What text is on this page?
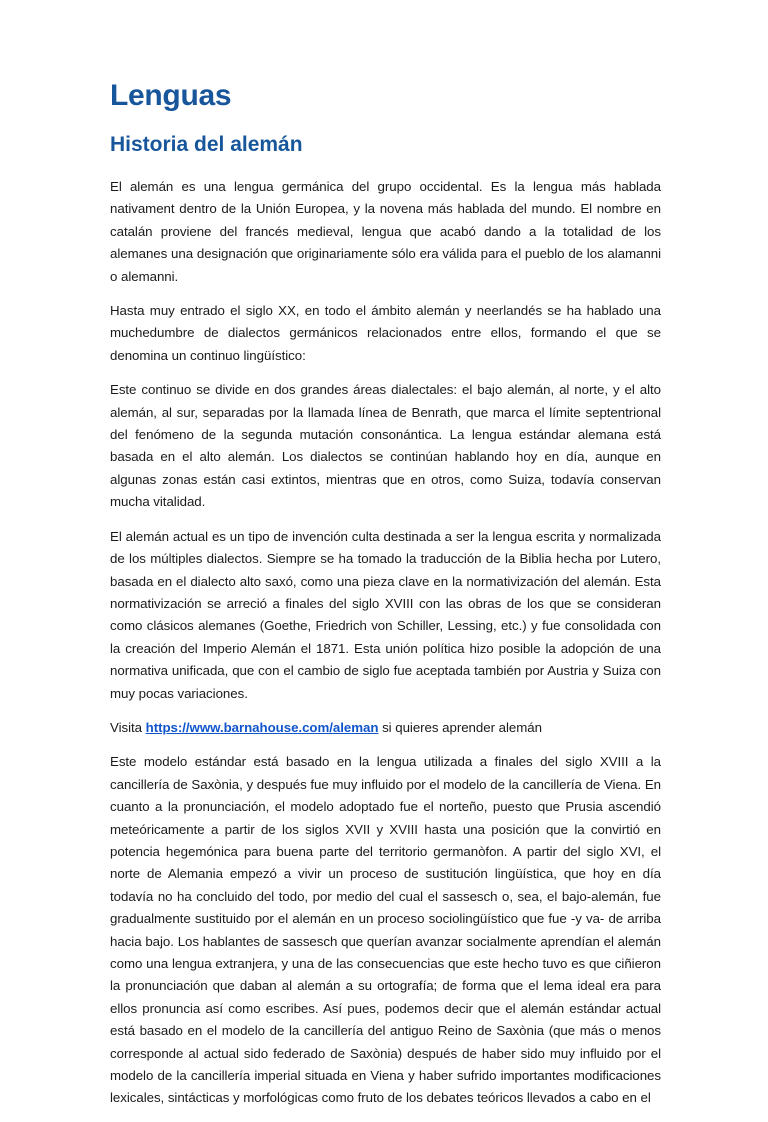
Lenguas
Historia del alemán

El alemán es una lengua germánica del grupo occidental. Es la lengua más hablada nativament dentro de la Unión Europea, y la novena más hablada del mundo. El nombre en catalán proviene del francés medieval, lengua que acabó dando a la totalidad de los alemanes una designación que originariamente sólo era válida para el pueblo de los alamanni o alemanni.

Hasta muy entrado el siglo XX, en todo el ámbito alemán y neerlandés se ha hablado una muchedumbre de dialectos germánicos relacionados entre ellos, formando el que se denomina un continuo lingüístico:

Este continuo se divide en dos grandes áreas dialectales: el bajo alemán, al norte, y el alto alemán, al sur, separadas por la llamada línea de Benrath, que marca el límite septentrional del fenómeno de la segunda mutación consonántica. La lengua estándar alemana está basada en el alto alemán. Los dialectos se continúan hablando hoy en día, aunque en algunas zonas están casi extintos, mientras que en otros, como Suiza, todavía conservan mucha vitalidad.

El alemán actual es un tipo de invención culta destinada a ser la lengua escrita y normalizada de los múltiples dialectos. Siempre se ha tomado la traducción de la Biblia hecha por Lutero, basada en el dialecto alto saxó, como una pieza clave en la normativización del alemán. Esta normativización se arreció a finales del siglo XVIII con las obras de los que se consideran como clásicos alemanes (Goethe, Friedrich von Schiller, Lessing, etc.) y fue consolidada con la creación del Imperio Alemán el 1871. Esta unión política hizo posible la adopción de una normativa unificada, que con el cambio de siglo fue aceptada también por Austria y Suiza con muy pocas variaciones.

Visita https://www.barnahouse.com/aleman si quieres aprender alemán

Este modelo estándar está basado en la lengua utilizada a finales del siglo XVIII a la cancillería de Saxònia, y después fue muy influido por el modelo de la cancillería de Viena. En cuanto a la pronunciación, el modelo adoptado fue el norteño, puesto que Prusia ascendió meteóricamente a partir de los siglos XVII y XVIII hasta una posición que la convirtió en potencia hegemónica para buena parte del territorio germanòfon. A partir del siglo XVI, el norte de Alemania empezó a vivir un proceso de sustitución lingüística, que hoy en día todavía no ha concluido del todo, por medio del cual el sassesch o, sea, el bajo-alemán, fue gradualmente sustituido por el alemán en un proceso sociolingüístico que fue -y va- de arriba hacia bajo. Los hablantes de sassesch que querían avanzar socialmente aprendían el alemán como una lengua extranjera, y una de las consecuencias que este hecho tuvo es que ciñieron la pronunciación que daban al alemán a su ortografía; de forma que el lema ideal era para ellos pronuncia así como escribes. Así pues, podemos decir que el alemán estándar actual está basado en el modelo de la cancillería del antiguo Reino de Saxònia (que más o menos corresponde al actual sido federado de Saxònia) después de haber sido muy influido por el modelo de la cancillería imperial situada en Viena y haber sufrido importantes modificaciones lexicales, sintácticas y morfológicas como fruto de los debates teóricos llevados a cabo en el
